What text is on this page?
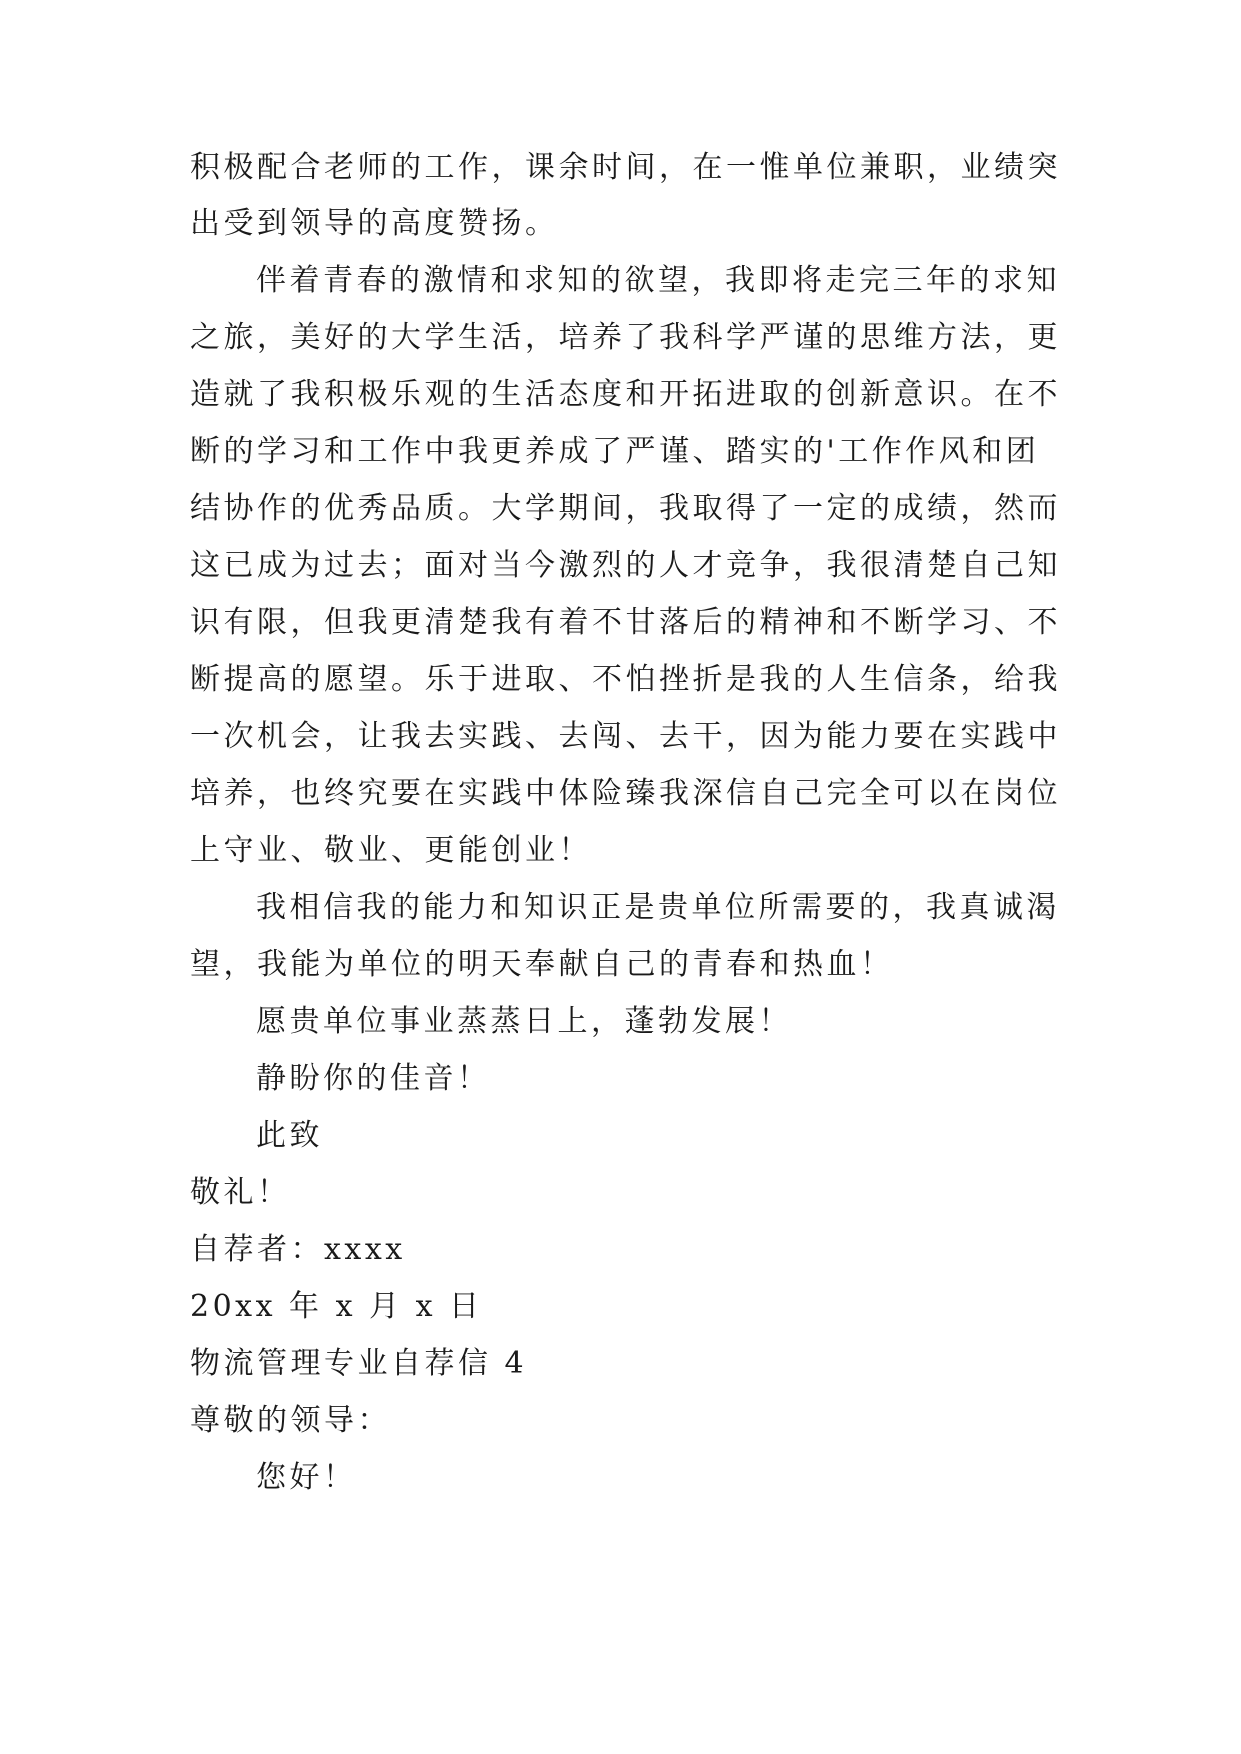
积极配合老师的工作，课余时间，在一惟单位兼职，业绩突
出受到领导的高度赞扬。
伴着青春的激情和求知的欲望，我即将走完三年的求知
之旅，美好的大学生活，培养了我科学严谨的思维方法，更
造就了我积极乐观的生活态度和开拓进取的创新意识。在不
断的学习和工作中我更养成了严谨、踏实的'工作作风和团
结协作的优秀品质。大学期间，我取得了一定的成绩，然而
这已成为过去；面对当今激烈的人才竞争，我很清楚自己知
识有限，但我更清楚我有着不甘落后的精神和不断学习、不
断提高的愿望。乐于进取、不怕挫折是我的人生信条，给我
一次机会，让我去实践、去闯、去干，因为能力要在实践中
培养，也终究要在实践中体险臻我深信自己完全可以在岗位
上守业、敬业、更能创业！
我相信我的能力和知识正是贵单位所需要的，我真诚渴
望，我能为单位的明天奉献自己的青春和热血！
愿贵单位事业蒸蒸日上，蓬勃发展！
静盼你的佳音！
此致
敬礼！
自荐者：xxxx
20xx 年 x 月 x 日
物流管理专业自荐信 4
尊敬的领导：
您好！
